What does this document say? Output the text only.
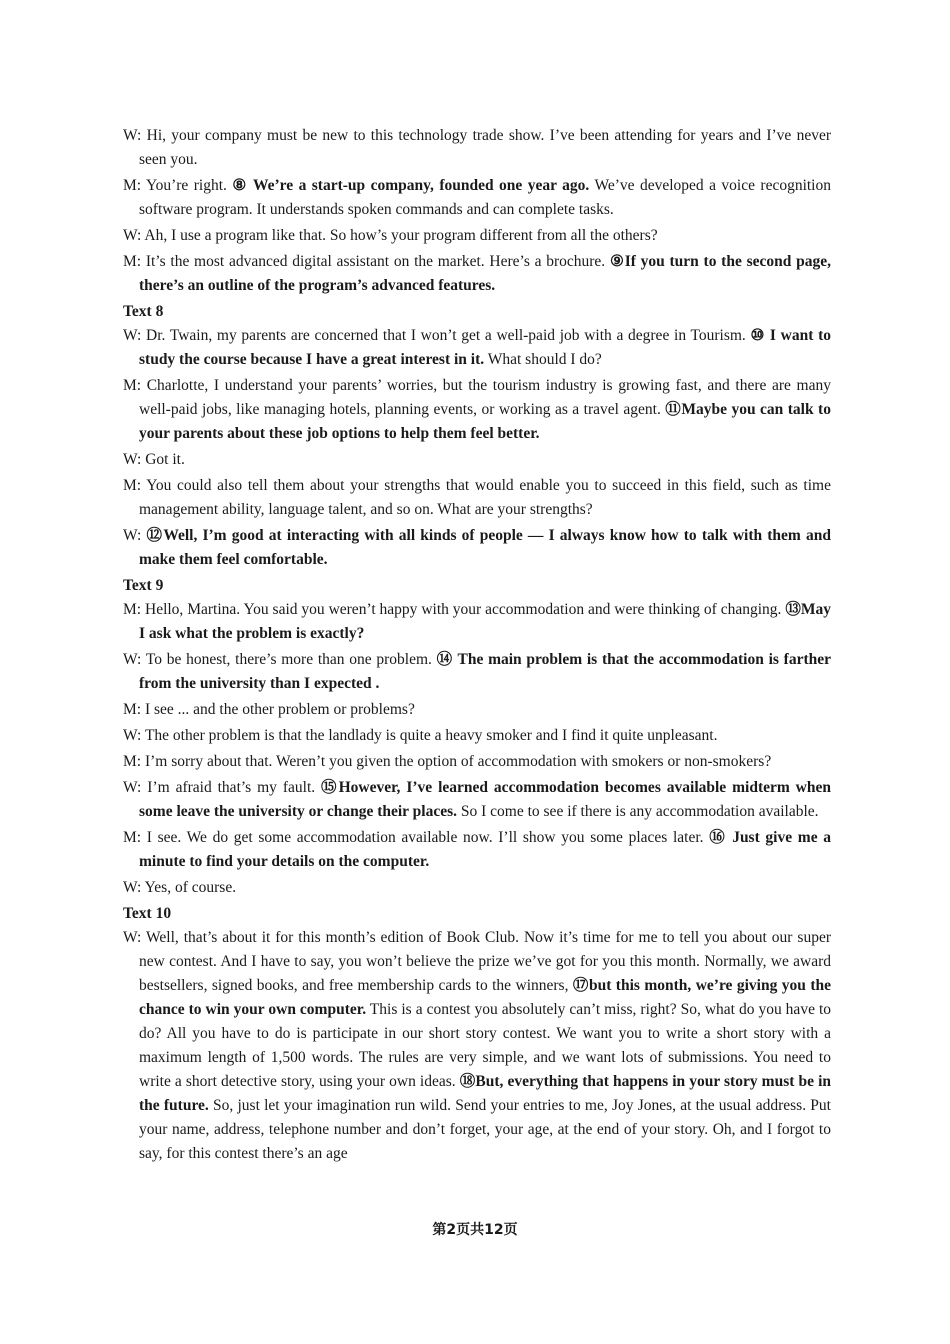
W: Hi, your company must be new to this technology trade show. I’ve been attending for years and I’ve never seen you.
M: You’re right. ⑧ We’re a start-up company, founded one year ago. We’ve developed a voice recognition software program. It understands spoken commands and can complete tasks.
W: Ah, I use a program like that. So how’s your program different from all the others?
M: It’s the most advanced digital assistant on the market. Here’s a brochure. ⑨If you turn to the second page, there’s an outline of the program’s advanced features.
Text 8
W: Dr. Twain, my parents are concerned that I won’t get a well-paid job with a degree in Tourism. ⑩ I want to study the course because I have a great interest in it. What should I do?
M: Charlotte, I understand your parents’ worries, but the tourism industry is growing fast, and there are many well-paid jobs, like managing hotels, planning events, or working as a travel agent. ⑪Maybe you can talk to your parents about these job options to help them feel better.
W: Got it.
M: You could also tell them about your strengths that would enable you to succeed in this field, such as time management ability, language talent, and so on. What are your strengths?
W: ⑫Well, I’m good at interacting with all kinds of people — I always know how to talk with them and make them feel comfortable.
Text 9
M: Hello, Martina. You said you weren’t happy with your accommodation and were thinking of changing. ⑬May I ask what the problem is exactly?
W: To be honest, there’s more than one problem. ⑭ The main problem is that the accommodation is farther from the university than I expected .
M: I see ... and the other problem or problems?
W: The other problem is that the landlady is quite a heavy smoker and I find it quite unpleasant.
M: I’m sorry about that. Weren’t you given the option of accommodation with smokers or non-smokers?
W: I’m afraid that’s my fault. ⑮However, I’ve learned accommodation becomes available midterm when some leave the university or change their places. So I come to see if there is any accommodation available.
M: I see. We do get some accommodation available now. I’ll show you some places later. ⑯ Just give me a minute to find your details on the computer.
W: Yes, of course.
Text 10
W: Well, that’s about it for this month’s edition of Book Club. Now it’s time for me to tell you about our super new contest. And I have to say, you won’t believe the prize we’ve got for you this month. Normally, we award bestsellers, signed books, and free membership cards to the winners, ⑰but this month, we’re giving you the chance to win your own computer. This is a contest you absolutely can’t miss, right? So, what do you have to do? All you have to do is participate in our short story contest. We want you to write a short story with a maximum length of 1,500 words. The rules are very simple, and we want lots of submissions. You need to write a short detective story, using your own ideas. ⑱But, everything that happens in your story must be in the future. So, just let your imagination run wild. Send your entries to me, Joy Jones, at the usual address. Put your name, address, telephone number and don’t forget, your age, at the end of your story. Oh, and I forgot to say, for this contest there’s an age
第2页共12页
